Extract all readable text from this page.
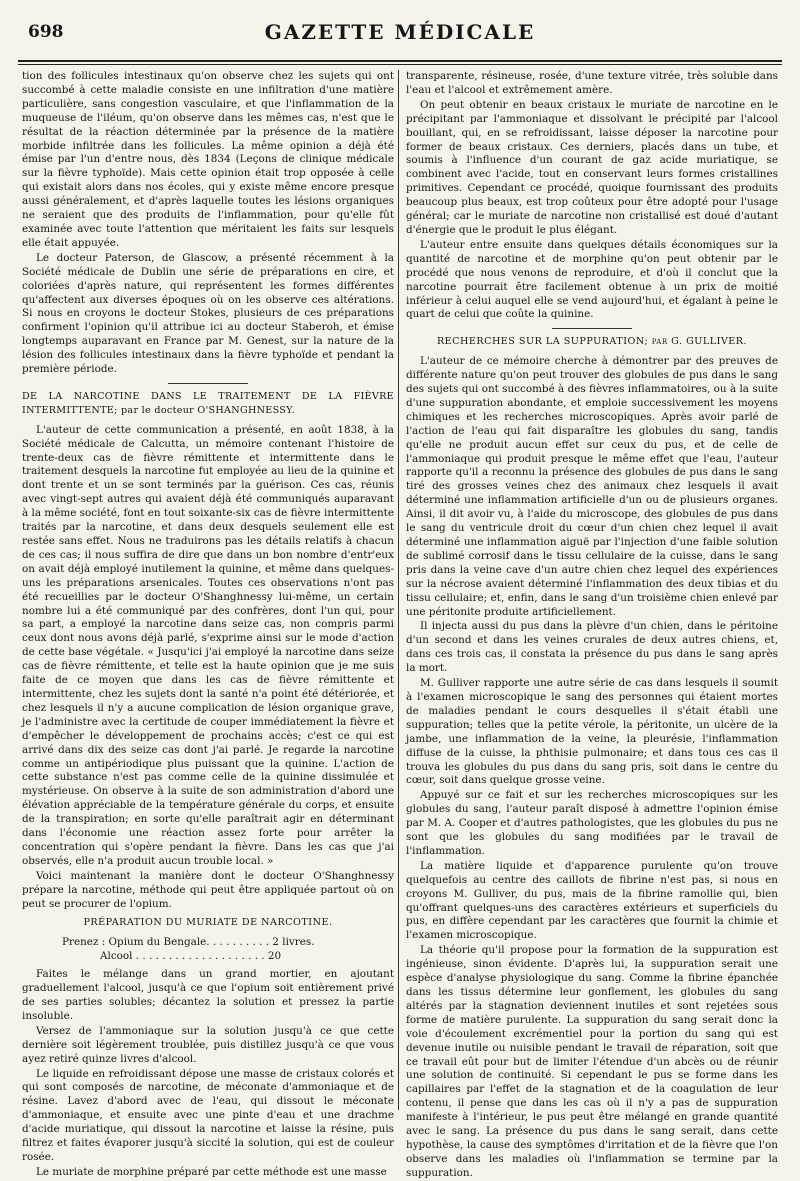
698	GAZETTE MÉDICALE

tion des follicules intestinaux qu'on observe chez les sujets qui ont succombé à cette maladie consiste en une infiltration d'une matière particulière, sans congestion vasculaire, et que l'inflammation de la muqueuse de l'iléum, qu'on observe dans les mêmes cas, n'est que le résultat de la réaction déterminée par la présence de la matière morbide infiltrée dans les follicules. La même opinion a déjà été émise par l'un d'entre nous, dès 1834 (Leçons de clinique médicale sur la fièvre typhoïde). Mais cette opinion était trop opposée à celle qui existait alors dans nos écoles, qui y existe même encore presque aussi généralement, et d'après laquelle toutes les lésions organiques ne seraient que des produits de l'inflammation, pour qu'elle fût examinée avec toute l'attention que méritaient les faits sur lesquels elle était appuyée.

Le docteur Paterson, de Glascow, a présenté récemment à la Société médicale de Dublin une série de préparations en cire, et coloriées d'après nature, qui représentent les formes différentes qu'affectent aux diverses époques où on les observe ces altérations. Si nous en croyons le docteur Stokes, plusieurs de ces préparations confirment l'opinion qu'il attribue ici au docteur Staberoh, et émise longtemps auparavant en France par M. Genest, sur la nature de la lésion des follicules intestinaux dans la fièvre typhoïde et pendant la première période.

DE LA NARCOTINE DANS LE TRAITEMENT DE LA FIÈVRE INTERMITTENTE; par le docteur O'SHANGHNESSY.

L'auteur de cette communication a présenté, en août 1838, à la Société médicale de Calcutta, un mémoire contenant l'histoire de trente-deux cas de fièvre rémittente et intermittente dans le traitement desquels la narcotine fut employée au lieu de la quinine et dont trente et un se sont terminés par la guérison. Ces cas, réunis avec vingt-sept autres qui avaient déjà été communiqués auparavant à la même société, font en tout soixante-six cas de fièvre intermittente traités par la narcotine, et dans deux desquels seulement elle est restée sans effet. Nous ne traduirons pas les détails relatifs à chacun de ces cas; il nous suffira de dire que dans un bon nombre d'entr'eux on avait déjà employé inutilement la quinine, et même dans quelques-uns les préparations arsenicales. Toutes ces observations n'ont pas été recueillies par le docteur O'Shanghnessy lui-même, un certain nombre lui a été communiqué par des confrères, dont l'un qui, pour sa part, a employé la narcotine dans seize cas, non compris parmi ceux dont nous avons déjà parlé, s'exprime ainsi sur le mode d'action de cette base végétale. « Jusqu'ici j'ai employé la narcotine dans seize cas de fièvre rémittente, et telle est la haute opinion que je me suis faite de ce moyen que dans les cas de fièvre rémittente et intermittente, chez les sujets dont la santé n'a point été détériorée, et chez lesquels il n'y a aucune complication de lésion organique grave, je l'administre avec la certitude de couper immédiatement la fièvre et d'empêcher le développement de prochains accès; c'est ce qui est arrivé dans dix des seize cas dont j'ai parlé. Je regarde la narcotine comme un antipériodique plus puissant que la quinine. L'action de cette substance n'est pas comme celle de la quinine dissimulée et mystérieuse. On observe à la suite de son administration d'abord une élévation appréciable de la température générale du corps, et ensuite de la transpiration; en sorte qu'elle paraîtrait agir en déterminant dans l'économie une réaction assez forte pour arrêter la concentration qui s'opère pendant la fièvre. Dans les cas que j'ai observés, elle n'a produit aucun trouble local. »

Voici maintenant la manière dont le docteur O'Shanghnessy prépare la narcotine, méthode qui peut être appliquée partout où on peut se procurer de l'opium.

PRÉPARATION DU MURIATE DE NARCOTINE.

Prenez : Opium du Bengale. . . . . . . . . . 2 livres.
Alcool . . . . . . . . . . . . . . . . . . . . 20

Faites le mélange dans un grand mortier, en ajoutant graduellement l'alcool, jusqu'à ce que l'opium soit entièrement privé de ses parties solubles; décantez la solution et pressez la partie insoluble.

Versez de l'ammoniaque sur la solution jusqu'à ce que cette dernière soit légèrement troublée, puis distillez jusqu'à ce que vous ayez retiré quinze livres d'alcool.

Le liquide en refroidissant dépose une masse de cristaux colorés et qui sont composés de narcotine, de méconate d'ammoniaque et de résine. Lavez d'abord avec de l'eau, qui dissout le méconate d'ammoniaque, et ensuite avec une pinte d'eau et une drachme d'acide muriatique, qui dissout la narcotine et laisse la résine, puis filtrez et faites évaporer jusqu'à siccité la solution, qui est de couleur rosée.

Le muriate de morphine préparé par cette méthode est une masse

transparente, résineuse, rosée, d'une texture vitrée, très soluble dans l'eau et l'alcool et extrêmement amère.

On peut obtenir en beaux cristaux le muriate de narcotine en le précipitant par l'ammoniaque et dissolvant le précipité par l'alcool bouillant, qui, en se refroidissant, laisse déposer la narcotine pour former de beaux cristaux. Ces derniers, placés dans un tube, et soumis à l'influence d'un courant de gaz acide muriatique, se combinent avec l'acide, tout en conservant leurs formes cristallines primitives. Cependant ce procédé, quoique fournissant des produits beaucoup plus beaux, est trop coûteux pour être adopté pour l'usage général; car le muriate de narcotine non cristallisé est doué d'autant d'énergie que le produit le plus élégant.

L'auteur entre ensuite dans quelques détails économiques sur la quantité de narcotine et de morphine qu'on peut obtenir par le procédé que nous venons de reproduire, et d'où il conclut que la narcotine pourrait être facilement obtenue à un prix de moitié inférieur à celui auquel elle se vend aujourd'hui, et égalant à peine le quart de celui que coûte la quinine.

RECHERCHES SUR LA SUPPURATION; par G. GULLIVER.

L'auteur de ce mémoire cherche à démontrer par des preuves de différente nature qu'on peut trouver des globules de pus dans le sang des sujets qui ont succombé à des fièvres inflammatoires, ou à la suite d'une suppuration abondante, et emploie successivement les moyens chimiques et les recherches microscopiques. Après avoir parlé de l'action de l'eau qui fait disparaître les globules du sang, tandis qu'elle ne produit aucun effet sur ceux du pus, et de celle de l'ammoniaque qui produit presque le même effet que l'eau, l'auteur rapporte qu'il a reconnu la présence des globules de pus dans le sang tiré des grosses veines chez des animaux chez lesquels il avait déterminé une inflammation artificielle d'un ou de plusieurs organes. Ainsi, il dit avoir vu, à l'aide du microscope, des globules de pus dans le sang du ventricule droit du cœur d'un chien chez lequel il avait déterminé une inflammation aiguë par l'injection d'une faible solution de sublimé corrosif dans le tissu cellulaire de la cuisse, dans le sang pris dans la veine cave d'un autre chien chez lequel des expériences sur la nécrose avaient déterminé l'inflammation des deux tibias et du tissu cellulaire; et, enfin, dans le sang d'un troisième chien enlevé par une péritonite produite artificiellement.

Il injecta aussi du pus dans la plèvre d'un chien, dans le péritoine d'un second et dans les veines crurales de deux autres chiens, et, dans ces trois cas, il constata la présence du pus dans le sang après la mort.

M. Gulliver rapporte une autre série de cas dans lesquels il soumit à l'examen microscopique le sang des personnes qui étaient mortes de maladies pendant le cours desquelles il s'était établi une suppuration; telles que la petite vérole, la péritonite, un ulcère de la jambe, une inflammation de la veine, la pleurésie, l'inflammation diffuse de la cuisse, la phthisie pulmonaire; et dans tous ces cas il trouva les globules du pus dans du sang pris, soit dans le centre du cœur, soit dans quelque grosse veine.

Appuyé sur ce fait et sur les recherches microscopiques sur les globules du sang, l'auteur paraît disposé à admettre l'opinion émise par M. A. Cooper et d'autres pathologistes, que les globules du pus ne sont que les globules du sang modifiées par le travail de l'inflammation.

La matière liquide et d'apparence purulente qu'on trouve quelquefois au centre des caillots de fibrine n'est pas, si nous en croyons M. Gulliver, du pus, mais de la fibrine ramollie qui, bien qu'offrant quelques-uns des caractères extérieurs et superficiels du pus, en diffère cependant par les caractères que fournit la chimie et l'examen microscopique.

La théorie qu'il propose pour la formation de la suppuration est ingénieuse, sinon évidente. D'après lui, la suppuration serait une espèce d'analyse physiologique du sang. Comme la fibrine épanchée dans les tissus détermine leur gonflement, les globules du sang altérés par la stagnation deviennent inutiles et sont rejetées sous forme de matière purulente. La suppuration du sang serait donc la voie d'écoulement excrémentiel pour la portion du sang qui est devenue inutile ou nuisible pendant le travail de réparation, soit que ce travail eût pour but de limiter l'étendue d'un abcès ou de réunir une solution de continuité. Si cependant le pus se forme dans les capillaires par l'effet de la stagnation et de la coagulation de leur contenu, il pense que dans les cas où il n'y a pas de suppuration manifeste à l'intérieur, le pus peut être mélangé en grande quantité avec le sang. La présence du pus dans le sang serait, dans cette hypothèse, la cause des symptômes d'irritation et de la fièvre que l'on observe dans les maladies où l'inflammation se termine par la suppuration.
